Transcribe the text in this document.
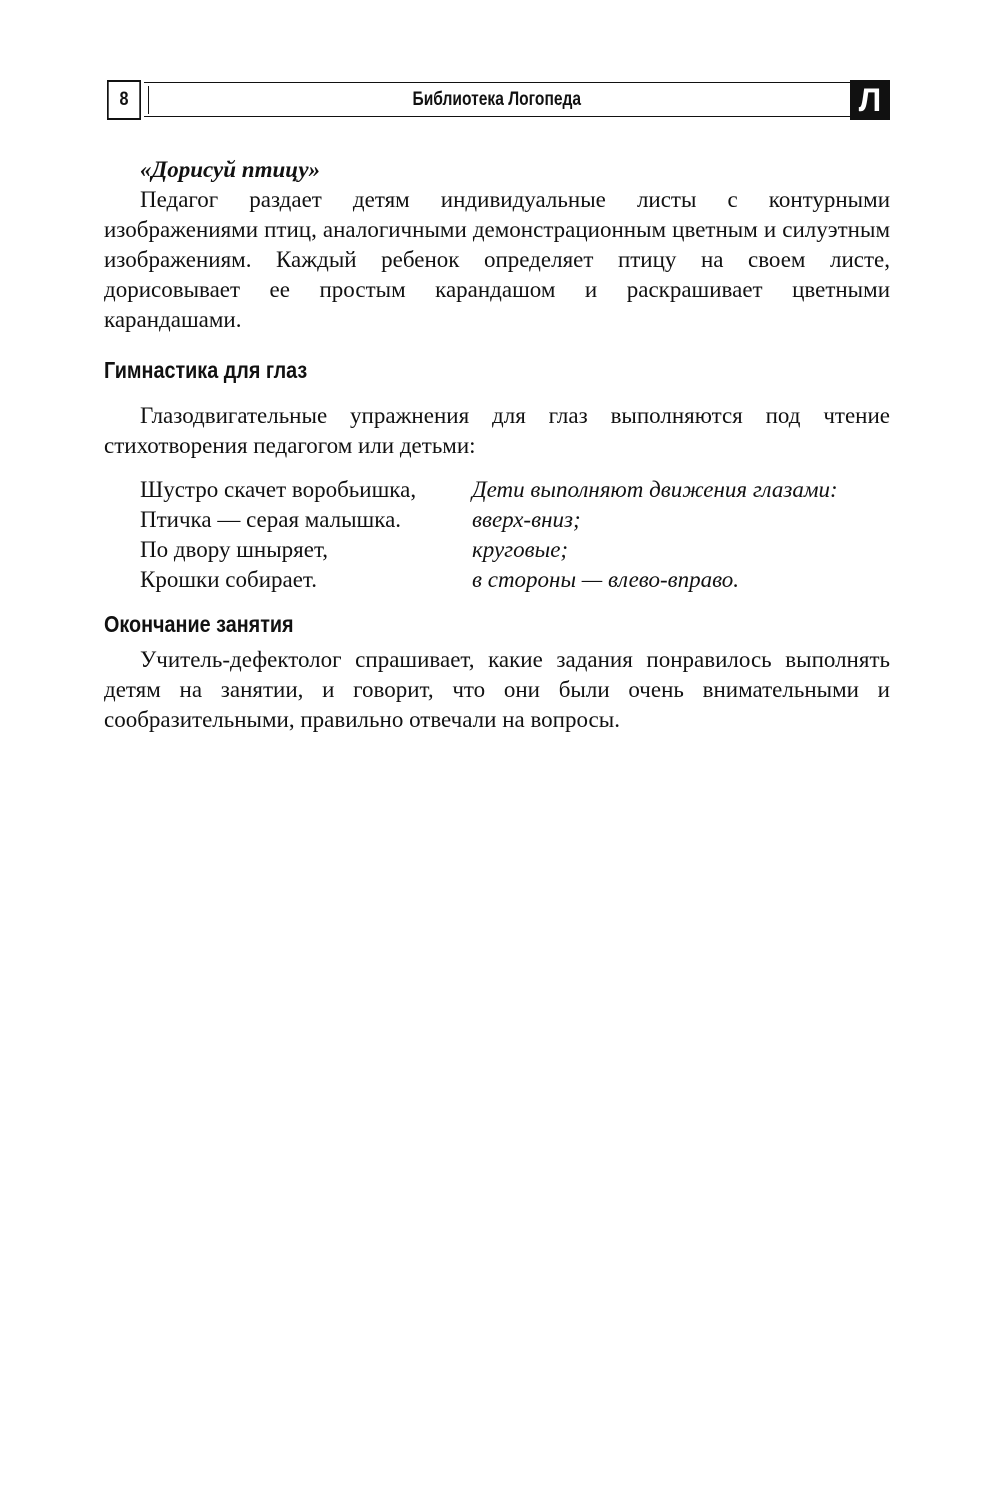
8	Библиотека Логопеда	Л
«Дорисуй птицу»

Педагог раздает детям индивидуальные листы с контурными изображениями птиц, аналогичными демонстрационным цветным и силуэтным изображениям. Каждый ребенок определяет птицу на своем листе, дорисовывает ее простым карандашом и раскрашивает цветными карандашами.

Гимнастика для глаз

Глазодвигательные упражнения для глаз выполняются под чтение стихотворения педагогом или детьми:

Шустро скачет воробьишка,	Дети выполняют движения глазами:
Птичка — серая малышка.	вверх-вниз;
По двору шныряет,	круговые;
Крошки собирает.	в стороны — влево-вправо.
Окончание занятия

Учитель-дефектолог спрашивает, какие задания понравилось выполнять детям на занятии, и говорит, что они были очень внимательными и сообразительными, правильно отвечали на вопросы.
